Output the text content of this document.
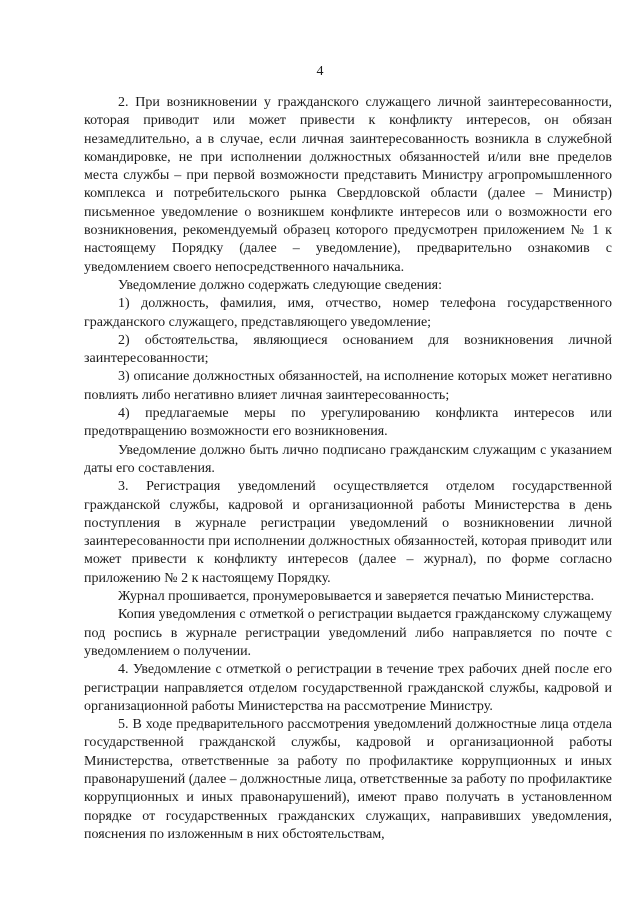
4

2. При возникновении у гражданского служащего личной заинтересованности, которая приводит или может привести к конфликту интересов, он обязан незамедлительно, а в случае, если личная заинтересованность возникла в служебной командировке, не при исполнении должностных обязанностей и/или вне пределов места службы – при первой возможности представить Министру агропромышленного комплекса и потребительского рынка Свердловской области (далее – Министр) письменное уведомление о возникшем конфликте интересов или о возможности его возникновения, рекомендуемый образец которого предусмотрен приложением № 1 к настоящему Порядку (далее – уведомление), предварительно ознакомив с уведомлением своего непосредственного начальника.

Уведомление должно содержать следующие сведения:

1) должность, фамилия, имя, отчество, номер телефона государственного гражданского служащего, представляющего уведомление;

2) обстоятельства, являющиеся основанием для возникновения личной заинтересованности;

3) описание должностных обязанностей, на исполнение которых может негативно повлиять либо негативно влияет личная заинтересованность;

4) предлагаемые меры по урегулированию конфликта интересов или предотвращению возможности его возникновения.

Уведомление должно быть лично подписано гражданским служащим с указанием даты его составления.

3. Регистрация уведомлений осуществляется отделом государственной гражданской службы, кадровой и организационной работы Министерства в день поступления в журнале регистрации уведомлений о возникновении личной заинтересованности при исполнении должностных обязанностей, которая приводит или может привести к конфликту интересов (далее – журнал), по форме согласно приложению № 2 к настоящему Порядку.

Журнал прошивается, пронумеровывается и заверяется печатью Министерства.

Копия уведомления с отметкой о регистрации выдается гражданскому служащему под роспись в журнале регистрации уведомлений либо направляется по почте с уведомлением о получении.

4. Уведомление с отметкой о регистрации в течение трех рабочих дней после его регистрации направляется отделом государственной гражданской службы, кадровой и организационной работы Министерства на рассмотрение Министру.

5. В ходе предварительного рассмотрения уведомлений должностные лица отдела государственной гражданской службы, кадровой и организационной работы Министерства, ответственные за работу по профилактике коррупционных и иных правонарушений (далее – должностные лица, ответственные за работу по профилактике коррупционных и иных правонарушений), имеют право получать в установленном порядке от государственных гражданских служащих, направивших уведомления, пояснения по изложенным в них обстоятельствам,
